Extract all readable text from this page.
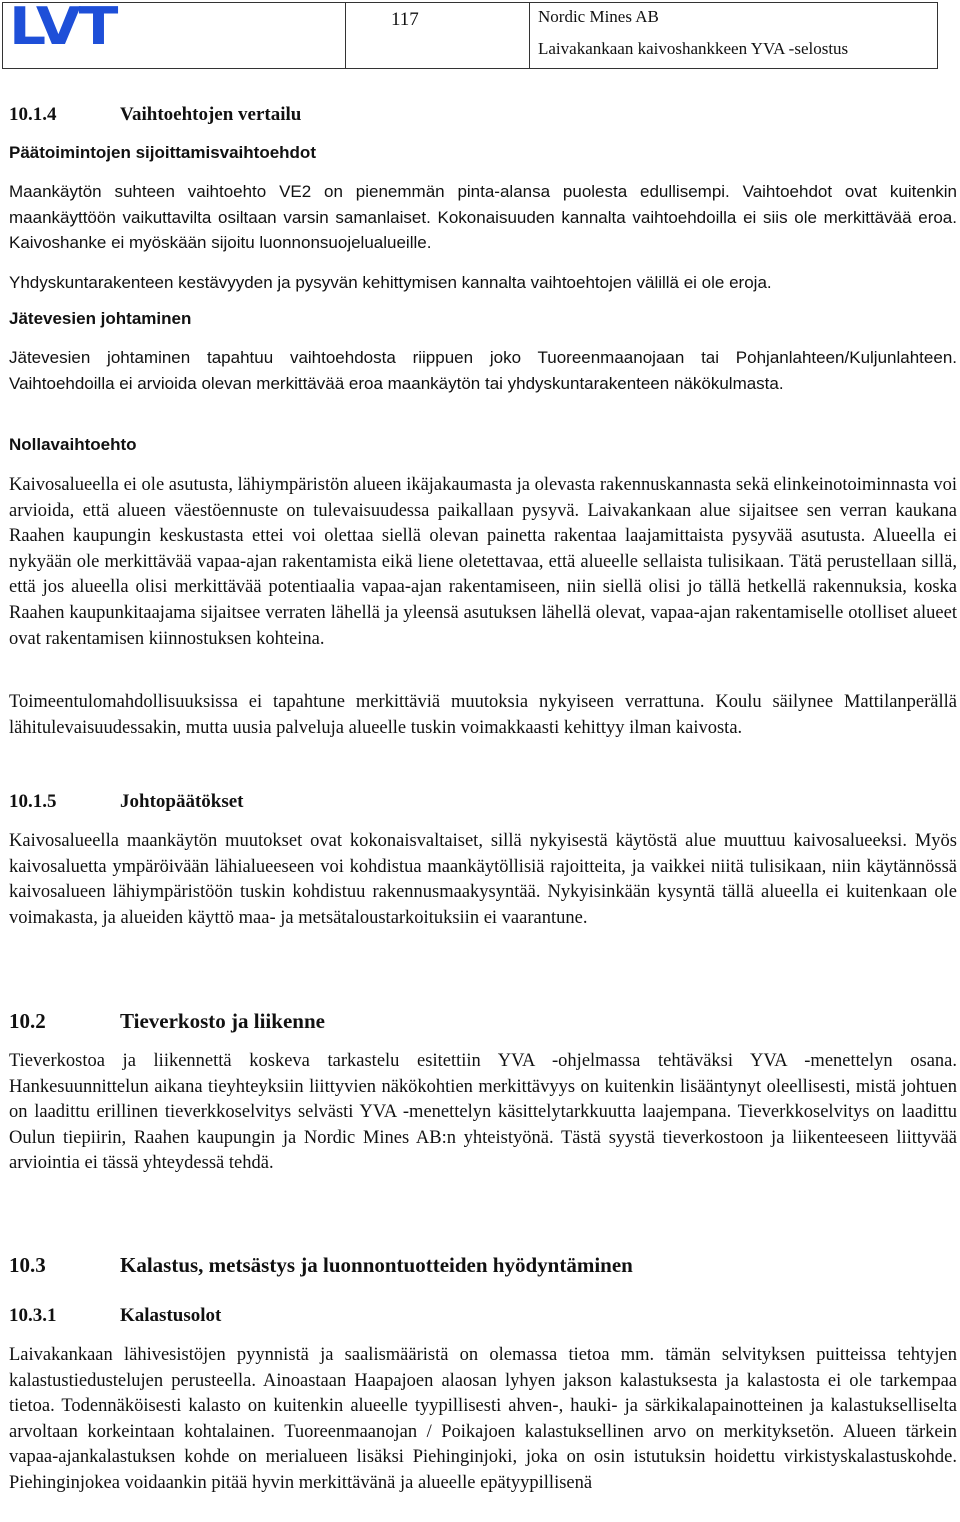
LVT	117	Nordic Mines AB
Laivakankaan kaivoshankkeen YVA -selostus
10.1.4	Vaihtoehtojen vertailu
Päätoimintojen sijoittamisvaihtoehdot
Maankäytön suhteen vaihtoehto VE2 on pienemmän pinta-alansa puolesta edullisempi. Vaihtoehdot ovat kuitenkin maankäyttöön vaikuttavilta osiltaan varsin samanlaiset. Kokonaisuuden kannalta vaihtoehdoilla ei siis ole merkittävää eroa. Kaivoshanke ei myöskään sijoitu luonnonsuojelualueille.
Yhdyskuntarakenteen kestävyyden ja pysyvän kehittymisen kannalta vaihtoehtojen välillä ei ole eroja.
Jätevesien johtaminen
Jätevesien johtaminen tapahtuu vaihtoehdosta riippuen joko Tuoreenmaanojaan tai Pohjanlahteen/Kuljunlahteen. Vaihtoehdoilla ei arvioida olevan merkittävää eroa maankäytön tai yhdyskuntarakenteen näkökulmasta.
Nollavaihtoehto
Kaivosalueella ei ole asutusta, lähiympäristön alueen ikäjakaumasta ja olevasta rakennuskannasta sekä elinkeinotoiminnasta voi arvioida, että alueen väestöennuste on tulevaisuudessa paikallaan pysyvä. Laivakankaan alue sijaitsee sen verran kaukana Raahen kaupungin keskustasta ettei voi olettaa siellä olevan painetta rakentaa laajamittaista pysyvää asutusta. Alueella ei nykyään ole merkittävää vapaa-ajan rakentamista eikä liene oletettavaa, että alueelle sellaista tulisikaan. Tätä perustellaan sillä, että jos alueella olisi merkittävää potentiaalia vapaa-ajan rakentamiseen, niin siellä olisi jo tällä hetkellä rakennuksia, koska Raahen kaupunkitaajama sijaitsee verraten lähellä ja yleensä asutuksen lähellä olevat, vapaa-ajan rakentamiselle otolliset alueet ovat rakentamisen kiinnostuksen kohteina.
Toimeentulomahdollisuuksissa ei tapahtune merkittäviä muutoksia nykyiseen verrattuna. Koulu säilynee Mattilanperällä lähitulevaisuudessakin, mutta uusia palveluja alueelle tuskin voimakkaasti kehittyy ilman kaivosta.
10.1.5	Johtopäätökset
Kaivosalueella maankäytön muutokset ovat kokonaisvaltaiset, sillä nykyisestä käytöstä alue muuttuu kaivosalueeksi. Myös kaivosaluetta ympäröivään lähialueeseen voi kohdistua maankäytöllisiä rajoitteita, ja vaikkei niitä tulisikaan, niin käytännössä kaivosalueen lähiympäristöön tuskin kohdistuu rakennusmaakysyntää. Nykyisinkään kysyntä tällä alueella ei kuitenkaan ole voimakasta, ja alueiden käyttö maa- ja metsätaloustarkoituksiin ei vaarantune.
10.2	Tieverkosto ja liikenne
Tieverkostoa ja liikennettä koskeva tarkastelu esitettiin YVA -ohjelmassa tehtäväksi YVA -menettelyn osana. Hankesuunnittelun aikana tieyhteyksiin liittyvien näkökohtien merkittävyys on kuitenkin lisääntynyt oleellisesti, mistä johtuen on laadittu erillinen tieverkkoselvitys selvästi YVA -menettelyn käsittelytarkkuutta laajempana. Tieverkkoselvitys on laadittu Oulun tiepiirin, Raahen kaupungin ja Nordic Mines AB:n yhteistyönä. Tästä syystä tieverkostoon ja liikenteeseen liittyvää arviointia ei tässä yhteydessä tehdä.
10.3	Kalastus, metsästys ja luonnontuotteiden hyödyntäminen
10.3.1	Kalastusolot
Laivakankaan lähivesistöjen pyynnistä ja saalismääristä on olemassa tietoa mm. tämän selvityksen puitteissa tehtyjen kalastustiedustelujen perusteella. Ainoastaan Haapajoen alaosan lyhyen jakson kalastuksesta ja kalastosta ei ole tarkempaa tietoa. Todennäköisesti kalasto on kuitenkin alueelle tyypillisesti ahven-, hauki- ja särkikalapainotteinen ja kalastukselliselta arvoltaan korkeintaan kohtalainen. Tuoreenmaanojan / Poikajoen kalastuksellinen arvo on merkityksetön. Alueen tärkein vapaa-ajankalastuksen kohde on merialueen lisäksi Piehinginjoki, joka on osin istutuksin hoidettu virkistyskalastuskohde. Piehinginjokea voidaankin pitää hyvin merkittävänä ja alueelle epätyypillisenä
